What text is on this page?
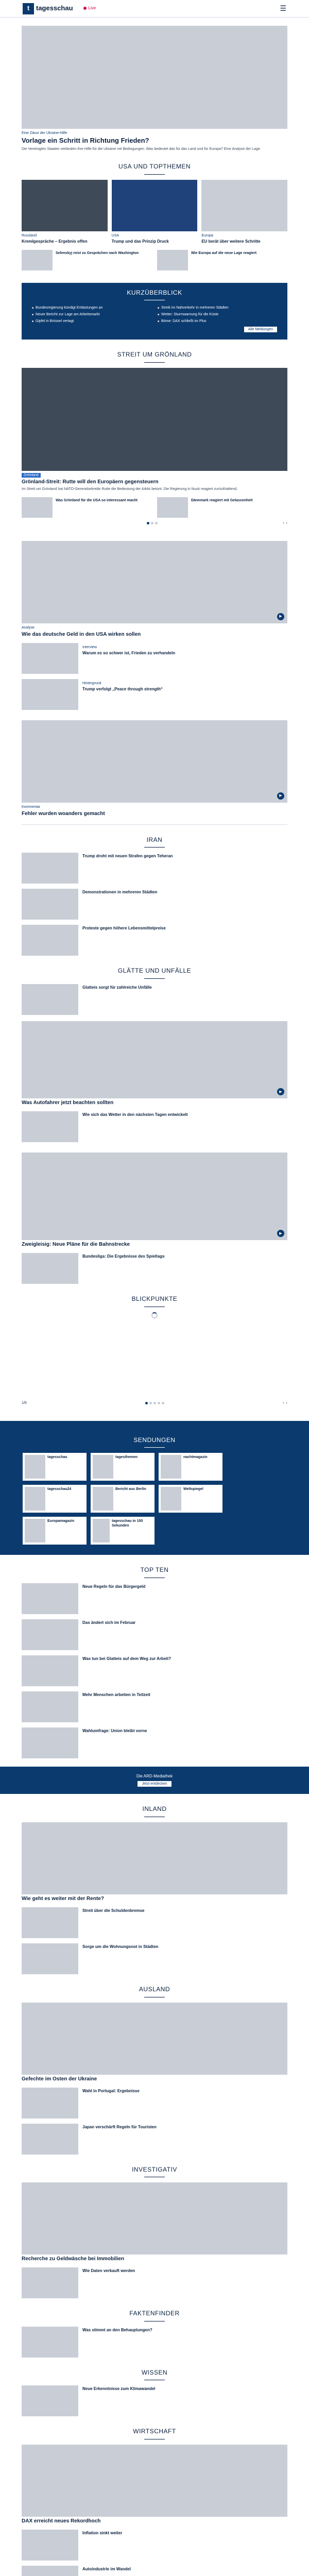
t tagesschau	Live	☰
Eine Zäsur der Ukraine-Hilfe
Vorlage ein Schritt in Richtung Frieden?
Die Vereinigten Staaten verbinden ihre Hilfe für die Ukraine mit Bedingungen. Was bedeutet das für das Land und für Europa? Eine Analyse der Lage.
USA UND TOPTHEMEN
Russland
Kremlgespräche – Ergebnis offen
USA
Trump und das Prinzip Druck
Europa
EU berät über weitere Schritte
Selenskyj reist zu Gesprächen nach Washington	Wie Europa auf die neue Lage reagiert
KURZÜBERBLICK
■ Bundesregierung kündigt Entlastungen an	■ Streik im Nahverkehr in mehreren Städten
■ Neuer Bericht zur Lage am Arbeitsmarkt	■ Wetter: Sturmwarnung für die Küste
■ Gipfel in Brüssel vertagt	■ Börse: DAX schließt im Plus
Alle Meldungen
STREIT UM GRÖNLAND
Grönland
Grönland-Streit: Rutte will den Europäern gegensteuern
Im Streit um Grönland hat NATO-Generalsekretär Rutte die Bedeutung der Arktis betont. Die Regierung in Nuuk reagiert zurückhaltend.
Was Grönland für die USA so interessant macht	Dänemark reagiert mit Gelassenheit
‹ ›
▶
Analyse
Wie das deutsche Geld in den USA wirken sollen
Interview
Warum es so schwer ist, Frieden zu verhandeln
Hintergrund
Trump verfolgt „Peace through strength“
▶
Kommentar
Fehler wurden woanders gemacht
IRAN
Trump droht mit neuen Strafen gegen Teheran
Demonstrationen in mehreren Städten
Proteste gegen höhere Lebensmittelpreise
GLÄTTE UND UNFÄLLE
Glatteis sorgt für zahlreiche Unfälle
▶
Was Autofahrer jetzt beachten sollten
Wie sich das Wetter in den nächsten Tagen entwickelt
▶
Zweigleisig: Neue Pläne für die Bahnstrecke
Bundesliga: Die Ergebnisse des Spieltags
BLICKPUNKTE
1/5	‹ ›
SENDUNGEN
tagesschau	tagesthemen	nachtmagazin
tagesschau24	Bericht aus Berlin	Weltspiegel
Europamagazin	tagesschau in 100 Sekunden
TOP TEN
Neue Regeln für das Bürgergeld
Das ändert sich im Februar
Was tun bei Glatteis auf dem Weg zur Arbeit?
Mehr Menschen arbeiten in Teilzeit
Wahlumfrage: Union bleibt vorne
Die ARD-Mediathek
Jetzt entdecken
INLAND
Wie geht es weiter mit der Rente?
Streit über die Schuldenbremse
Sorge um die Wohnungsnot in Städten
AUSLAND
Gefechte im Osten der Ukraine
Wahl in Portugal: Ergebnisse
Japan verschärft Regeln für Touristen
INVESTIGATIV
Recherche zu Geldwäsche bei Immobilien
Wie Daten verkauft werden
FAKTENFINDER
Was stimmt an den Behauptungen?
WISSEN
Neue Erkenntnisse zum Klimawandel
WIRTSCHAFT
DAX erreicht neues Rekordhoch
Inflation sinkt weiter
Autoindustrie im Wandel
